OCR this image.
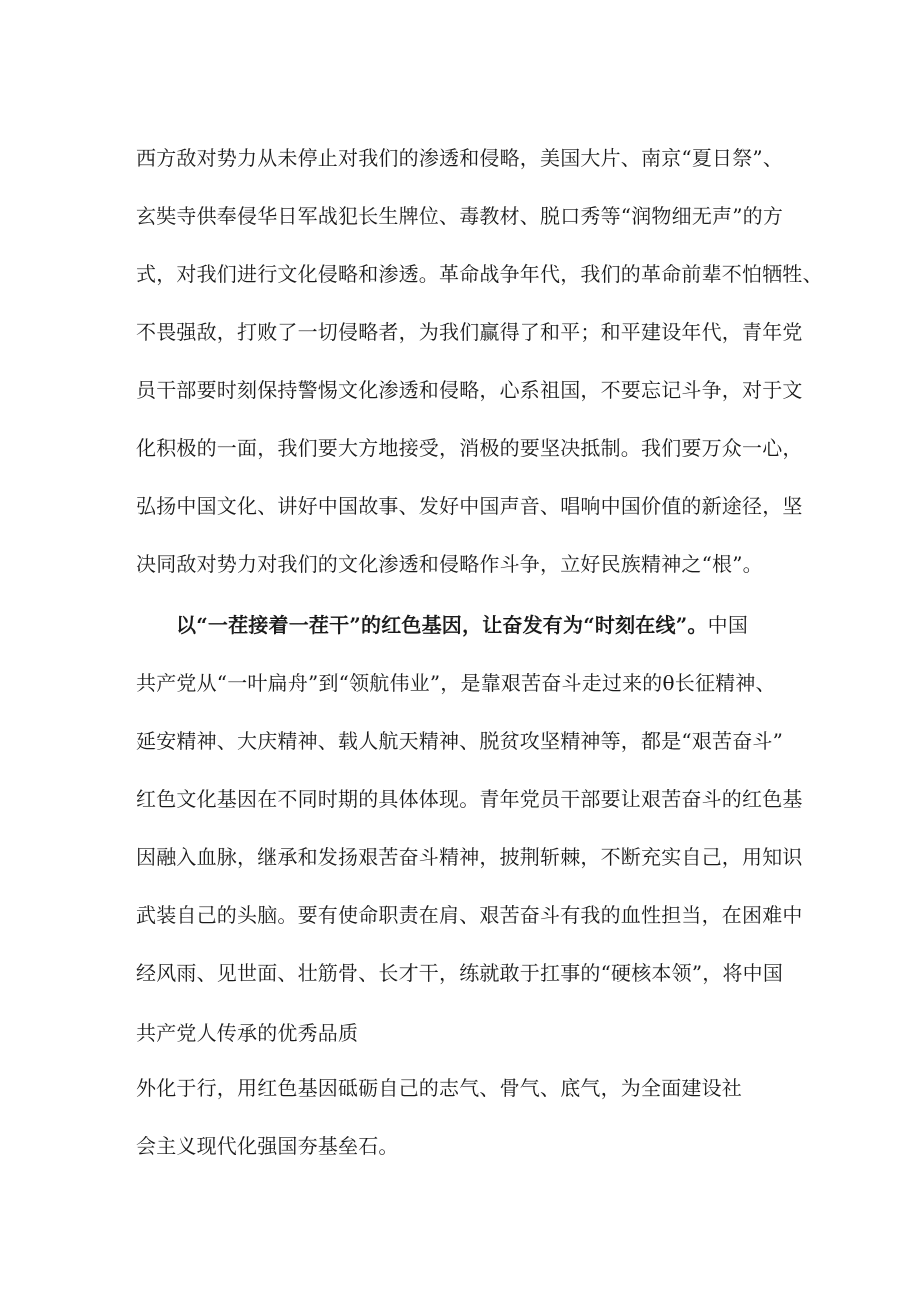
西方敌对势力从未停止对我们的渗透和侵略，美国大片、南京“夏日祭”、
玄奘寺供奉侵华日军战犯长生牌位、毒教材、脱口秀等“润物细无声”的方
式，对我们进行文化侵略和渗透。革命战争年代，我们的革命前辈不怕牺牲、
不畏强敌，打败了一切侵略者，为我们赢得了和平；和平建设年代，青年党
员干部要时刻保持警惕文化渗透和侵略，心系祖国，不要忘记斗争，对于文
化积极的一面，我们要大方地接受，消极的要坚决抵制。我们要万众一心，
弘扬中国文化、讲好中国故事、发好中国声音、唱响中国价值的新途径，坚
决同敌对势力对我们的文化渗透和侵略作斗争，立好民族精神之“根”。
以“一茬接着一茬干”的红色基因，让奋发有为“时刻在线”。中国
共产党从“一叶扁舟”到“领航伟业”，是靠艰苦奋斗走过来的θ长征精神、
延安精神、大庆精神、载人航天精神、脱贫攻坚精神等，都是“艰苦奋斗”
红色文化基因在不同时期的具体体现。青年党员干部要让艰苦奋斗的红色基
因融入血脉，继承和发扬艰苦奋斗精神，披荆斩棘，不断充实自己，用知识
武装自己的头脑。要有使命职责在肩、艰苦奋斗有我的血性担当，在困难中
经风雨、见世面、壮筋骨、长才干，练就敢于扛事的“硬核本领”，将中国
共产党人传承的优秀品质
外化于行，用红色基因砥砺自己的志气、骨气、底气，为全面建设社
会主义现代化强国夯基垒石。
